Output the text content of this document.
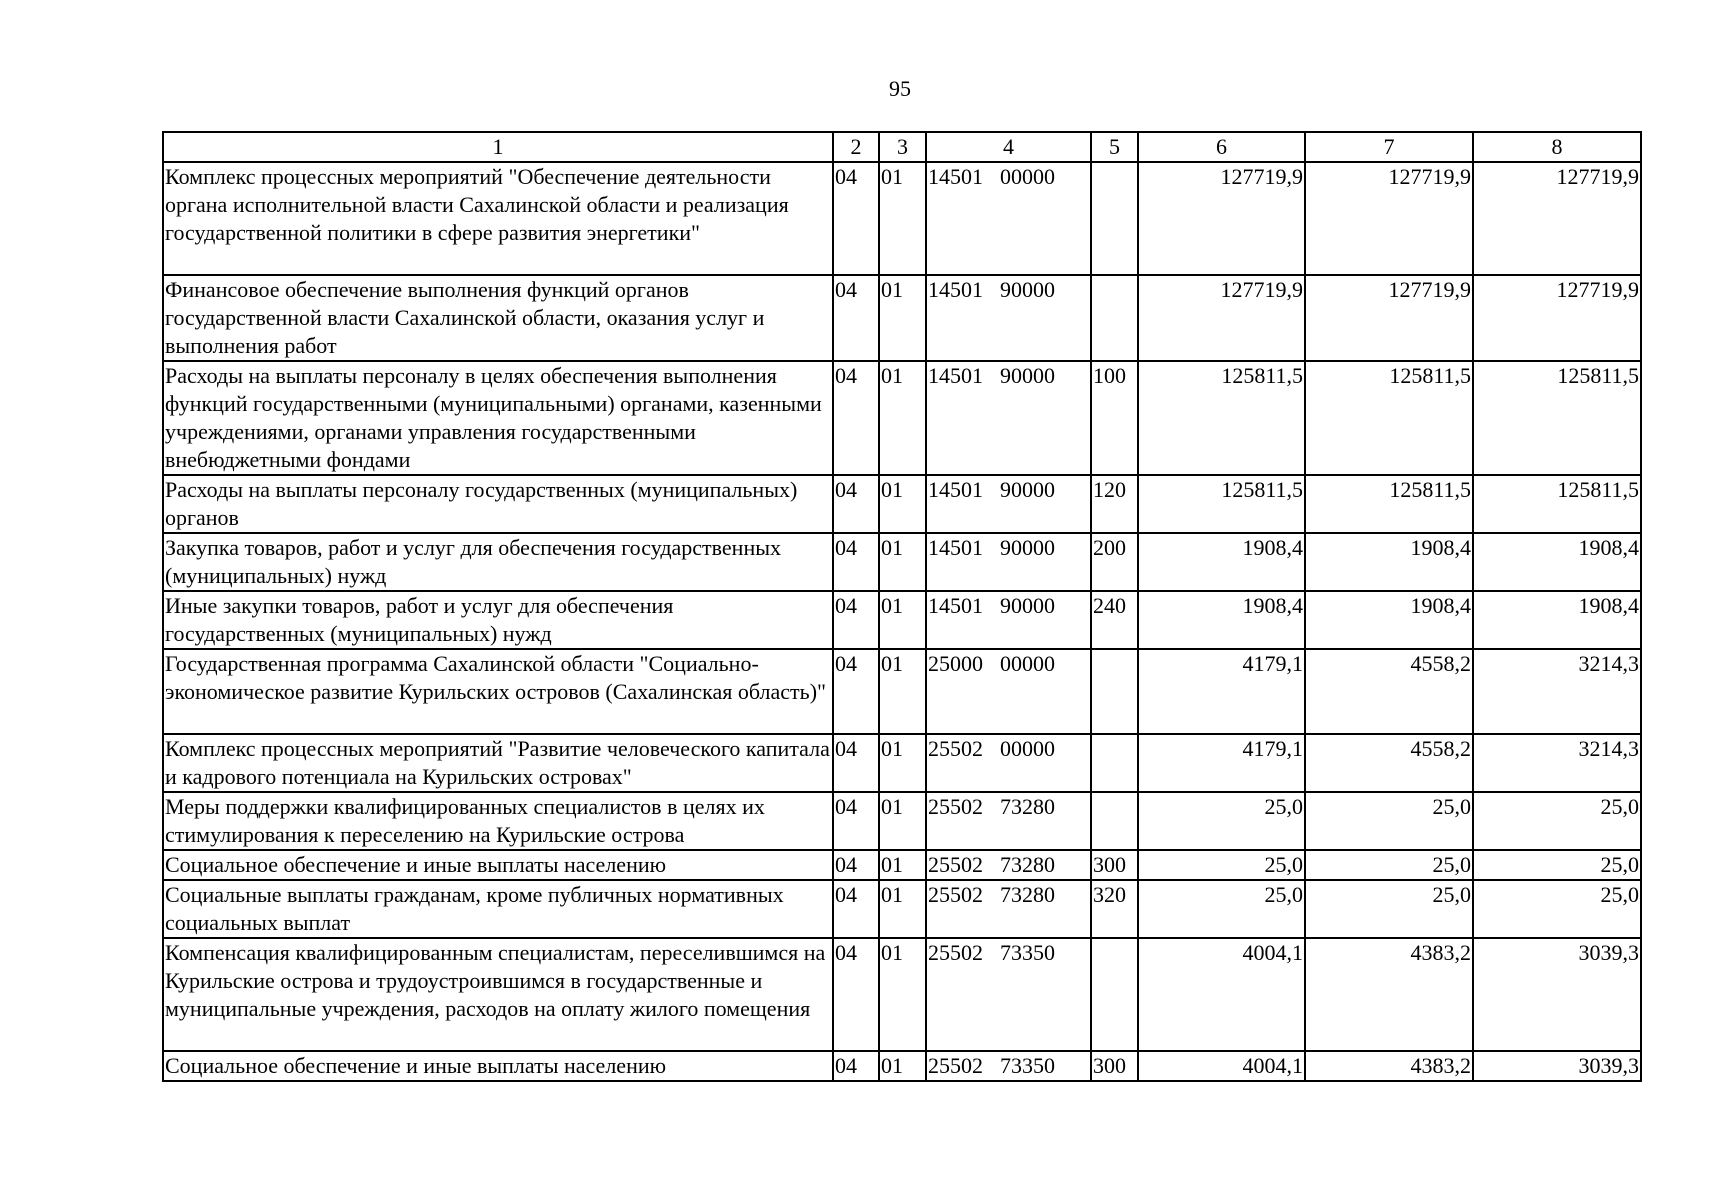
95
1	2	3	4	5	6	7	8
Комплекс процессных мероприятий "Обеспечение деятельности органа исполнительной власти Сахалинской области и реализация государственной политики в сфере развития энергетики"	04	01	14501 00000		127719,9	127719,9	127719,9
Финансовое обеспечение выполнения функций органов государственной власти Сахалинской области, оказания услуг и выполнения работ	04	01	14501 90000		127719,9	127719,9	127719,9
Расходы на выплаты персоналу в целях обеспечения выполнения функций государственными (муниципальными) органами, казенными учреждениями, органами управления государственными внебюджетными фондами	04	01	14501 90000	100	125811,5	125811,5	125811,5
Расходы на выплаты персоналу государственных (муниципальных) органов	04	01	14501 90000	120	125811,5	125811,5	125811,5
Закупка товаров, работ и услуг для обеспечения государственных (муниципальных) нужд	04	01	14501 90000	200	1908,4	1908,4	1908,4
Иные закупки товаров, работ и услуг для обеспечения государственных (муниципальных) нужд	04	01	14501 90000	240	1908,4	1908,4	1908,4
Государственная программа Сахалинской области "Социально-экономическое развитие Курильских островов (Сахалинская область)"	04	01	25000 00000		4179,1	4558,2	3214,3
Комплекс процессных мероприятий "Развитие человеческого капитала и кадрового потенциала на Курильских островах"	04	01	25502 00000		4179,1	4558,2	3214,3
Меры поддержки квалифицированных специалистов в целях их стимулирования к переселению на Курильские острова	04	01	25502 73280		25,0	25,0	25,0
Социальное обеспечение и иные выплаты населению	04	01	25502 73280	300	25,0	25,0	25,0
Социальные выплаты гражданам, кроме публичных нормативных социальных выплат	04	01	25502 73280	320	25,0	25,0	25,0
Компенсация квалифицированным специалистам, переселившимся на Курильские острова и трудоустроившимся в государственные и муниципальные учреждения, расходов на оплату жилого помещения	04	01	25502 73350		4004,1	4383,2	3039,3
Социальное обеспечение и иные выплаты населению	04	01	25502 73350	300	4004,1	4383,2	3039,3
